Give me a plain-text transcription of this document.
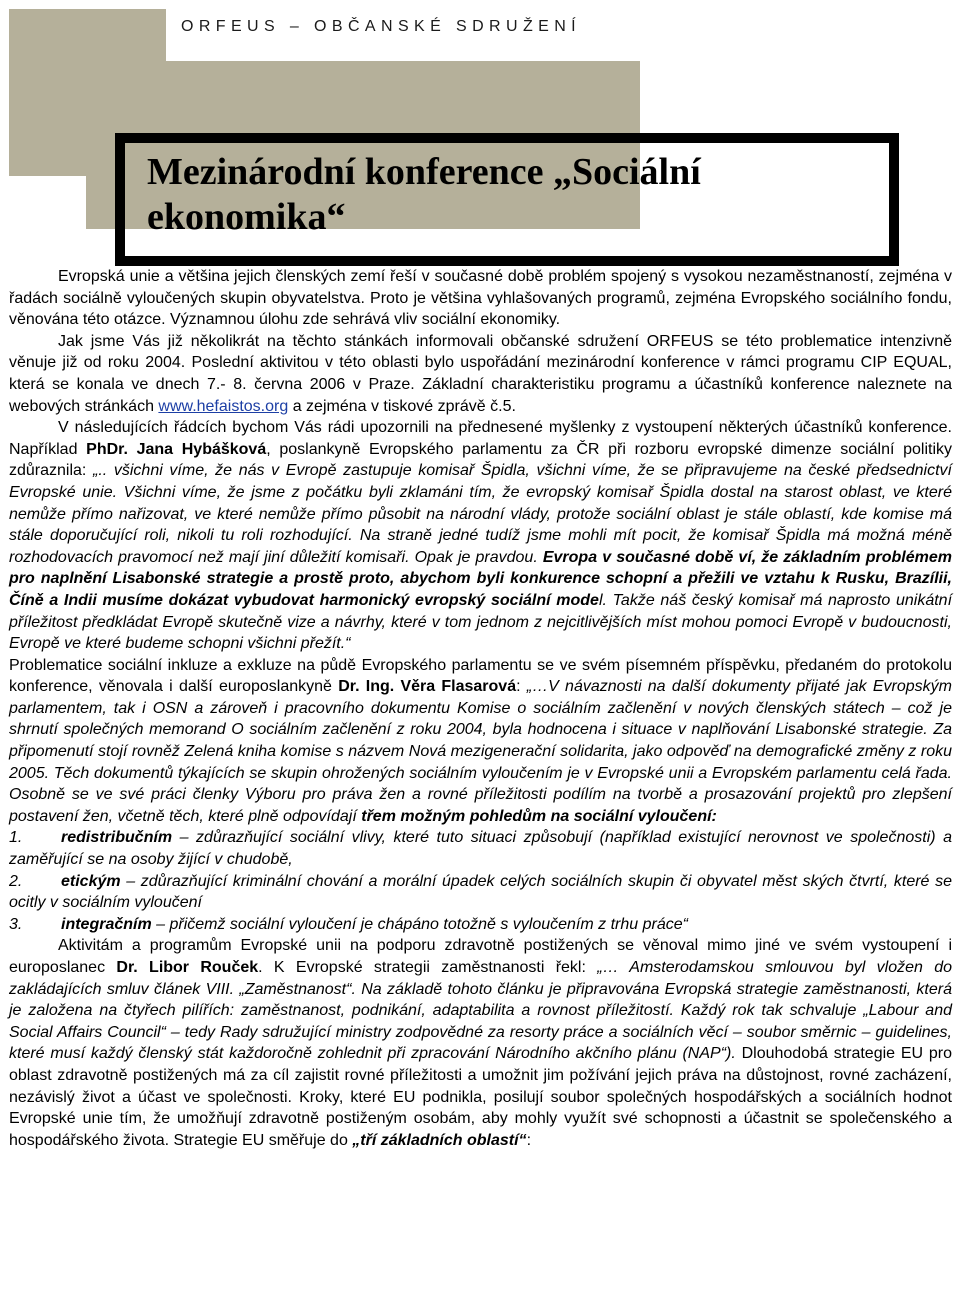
ORFEUS – OBČANSKÉ SDRUŽENÍ
Mezinárodní konference „Sociální ekonomika“

Evropská unie a většina jejich členských zemí řeší v současné době problém spojený s vysokou nezaměstnaností, zejména v řadách sociálně vyloučených skupin obyvatelstva. Proto je většina vyhlašovaných programů, zejména Evropského sociálního fondu, věnována této otázce. Významnou úlohu zde sehrává vliv sociální ekonomiky.

Jak jsme Vás již několikrát na těchto stánkách informovali občanské sdružení ORFEUS se této problematice intenzivně věnuje již od roku 2004. Poslední aktivitou v této oblasti bylo uspořádání mezinárodní konference v rámci programu CIP EQUAL, která se konala ve dnech 7.- 8. června 2006 v Praze. Základní charakteristiku programu a účastníků konference naleznete na webových stránkách www.hefaistos.org a zejména v tiskové zprávě č.5.

V následujících řádcích bychom Vás rádi upozornili na přednesené myšlenky z vystoupení některých účastníků konference. Například PhDr. Jana Hybášková, poslankyně Evropského parlamentu za ČR při rozboru evropské dimenze sociální politiky zdůraznila: „.. všichni víme, že nás v Evropě zastupuje komisař Špidla, všichni víme, že se připravujeme na české předsednictví Evropské unie. Všichni víme, že jsme z počátku byli zklamáni tím, že evropský komisař Špidla dostal na starost oblast, ve které nemůže přímo nařizovat, ve které nemůže přímo působit na národní vlády, protože sociální oblast je stále oblastí, kde komise má stále doporučující roli, nikoli tu roli rozhodující. Na straně jedné tudíž jsme mohli mít pocit, že komisař Špidla má možná méně rozhodovacích pravomocí než mají jiní důležití komisaři. Opak je pravdou. Evropa v současné době ví, že základním problémem pro naplnění Lisabonské strategie a prostě proto, abychom byli konkurence schopní a přežili ve vztahu k Rusku, Brazílii, Číně a Indii musíme dokázat vybudovat harmonický evropský sociální model. Takže náš český komisař má naprosto unikátní příležitost předkládat Evropě skutečně vize a návrhy, které v tom jednom z nejcitlivějších míst mohou pomoci Evropě v budoucnosti, Evropě ve které budeme schopni všichni přežít.“

Problematice sociální inkluze a exkluze na půdě Evropského parlamentu se ve svém písemném příspěvku, předaném do protokolu konference, věnovala i další europoslankyně Dr. Ing. Věra Flasarová: „…V návaznosti na další dokumenty přijaté jak Evropským parlamentem, tak i OSN a zároveň i pracovního dokumentu Komise o sociálním začlenění v nových členských státech – což je shrnutí společných memorand O sociálním začlenění z roku 2004, byla hodnocena i situace v naplňování Lisabonské strategie. Za připomenutí stojí rovněž Zelená kniha komise s názvem Nová mezigenerační solidarita, jako odpověď na demografické změny z roku 2005. Těch dokumentů týkajících se skupin ohrožených sociálním vyloučením je v Evropské unii a Evropském parlamentu celá řada. Osobně se ve své práci členky Výboru pro práva žen a rovné příležitosti podílím na tvorbě a prosazování projektů pro zlepšení postavení žen, včetně těch, které plně odpovídají třem možným pohledům na sociální vyloučení:

1. redistribučním – zdůrazňující sociální vlivy, které tuto situaci způsobují (například existující nerovnost ve společnosti) a zaměřující se na osoby žijící v chudobě,
2. etickým – zdůrazňující kriminální chování a morální úpadek celých sociálních skupin či obyvatel měst ských čtvrtí, které se ocitly v sociálním vyloučení
3. integračním – přičemž sociální vyloučení je chápáno totožně s vyloučením z trhu práce“

Aktivitám a programům Evropské unii na podporu zdravotně postižených se věnoval mimo jiné ve svém vystoupení i europoslanec Dr. Libor Rouček. K Evropské strategii zaměstnanosti řekl: „… Amsterodamskou smlouvou byl vložen do zakládajících smluv článek VIII. „Zaměstnanost“. Na základě tohoto článku je připravována Evropská strategie zaměstnanosti, která je založena na čtyřech pilířích: zaměstnanost, podnikání, adaptabilita a rovnost příležitostí. Každý rok tak schvaluje „Labour and Social Affairs Council“ – tedy Rady sdružující ministry zodpovědné za resorty práce a sociálních věcí – soubor směrnic – guidelines, které musí každý členský stát každoročně zohlednit při zpracování Národního akčního plánu (NAP“). Dlouhodobá strategie EU pro oblast zdravotně postižených má za cíl zajistit rovné příležitosti a umožnit jim požívání jejich práva na důstojnost, rovné zacházení, nezávislý život a účast ve společnosti. Kroky, které EU podnikla, posilují soubor společných hospodářských a sociálních hodnot Evropské unie tím, že umožňují zdravotně postiženým osobám, aby mohly využít své schopnosti a účastnit se společenského a hospodářského života. Strategie EU směřuje do „tří základních oblastí“:
